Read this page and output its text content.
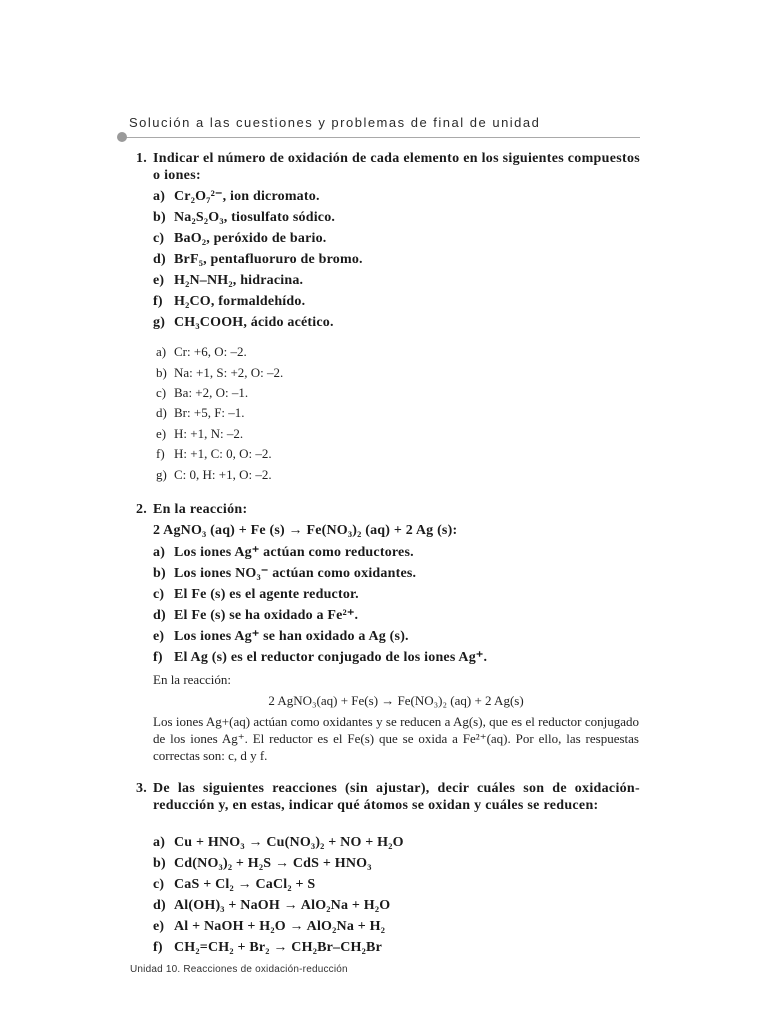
Solución a las cuestiones y problemas de final de unidad
1. Indicar el número de oxidación de cada elemento en los siguientes compuestos o iones:
a) Cr₂O₇²⁻, ion dicromato.
b) Na₂S₂O₃, tiosulfato sódico.
c) BaO₂, peróxido de bario.
d) BrF₅, pentafluoruro de bromo.
e) H₂N–NH₂, hidracina.
f) H₂CO, formaldehído.
g) CH₃COOH, ácido acético.
a) Cr: +6, O: –2.
b) Na: +1, S: +2, O: –2.
c) Ba: +2, O: –1.
d) Br: +5, F: –1.
e) H: +1, N: –2.
f) H: +1, C: 0, O: –2.
g) C: 0, H: +1, O: –2.
2. En la reacción:
2 AgNO₃ (aq) + Fe (s) → Fe(NO₃)₂ (aq) + 2 Ag (s):
a) Los iones Ag⁺ actúan como reductores.
b) Los iones NO₃⁻ actúan como oxidantes.
c) El Fe (s) es el agente reductor.
d) El Fe (s) se ha oxidado a Fe²⁺.
e) Los iones Ag⁺ se han oxidado a Ag (s).
f) El Ag (s) es el reductor conjugado de los iones Ag⁺.
En la reacción:
2 AgNO₃(aq) + Fe(s) → Fe(NO₃)₂ (aq) + 2 Ag(s)
Los iones Ag+(aq) actúan como oxidantes y se reducen a Ag(s), que es el reductor conjugado de los iones Ag⁺. El reductor es el Fe(s) que se oxida a Fe²⁺(aq). Por ello, las respuestas correctas son: c, d y f.
3. De las siguientes reacciones (sin ajustar), decir cuáles son de oxidación-reducción y, en estas, indicar qué átomos se oxidan y cuáles se reducen:
a) Cu + HNO₃ → Cu(NO₃)₂ + NO + H₂O
b) Cd(NO₃)₂ + H₂S → CdS + HNO₃
c) CaS + Cl₂ → CaCl₂ + S
d) Al(OH)₃ + NaOH → AlO₂Na + H₂O
e) Al + NaOH + H₂O → AlO₂Na + H₂
f) CH₂=CH₂ + Br₂ → CH₂Br–CH₂Br
Unidad 10. Reacciones de oxidación-reducción
